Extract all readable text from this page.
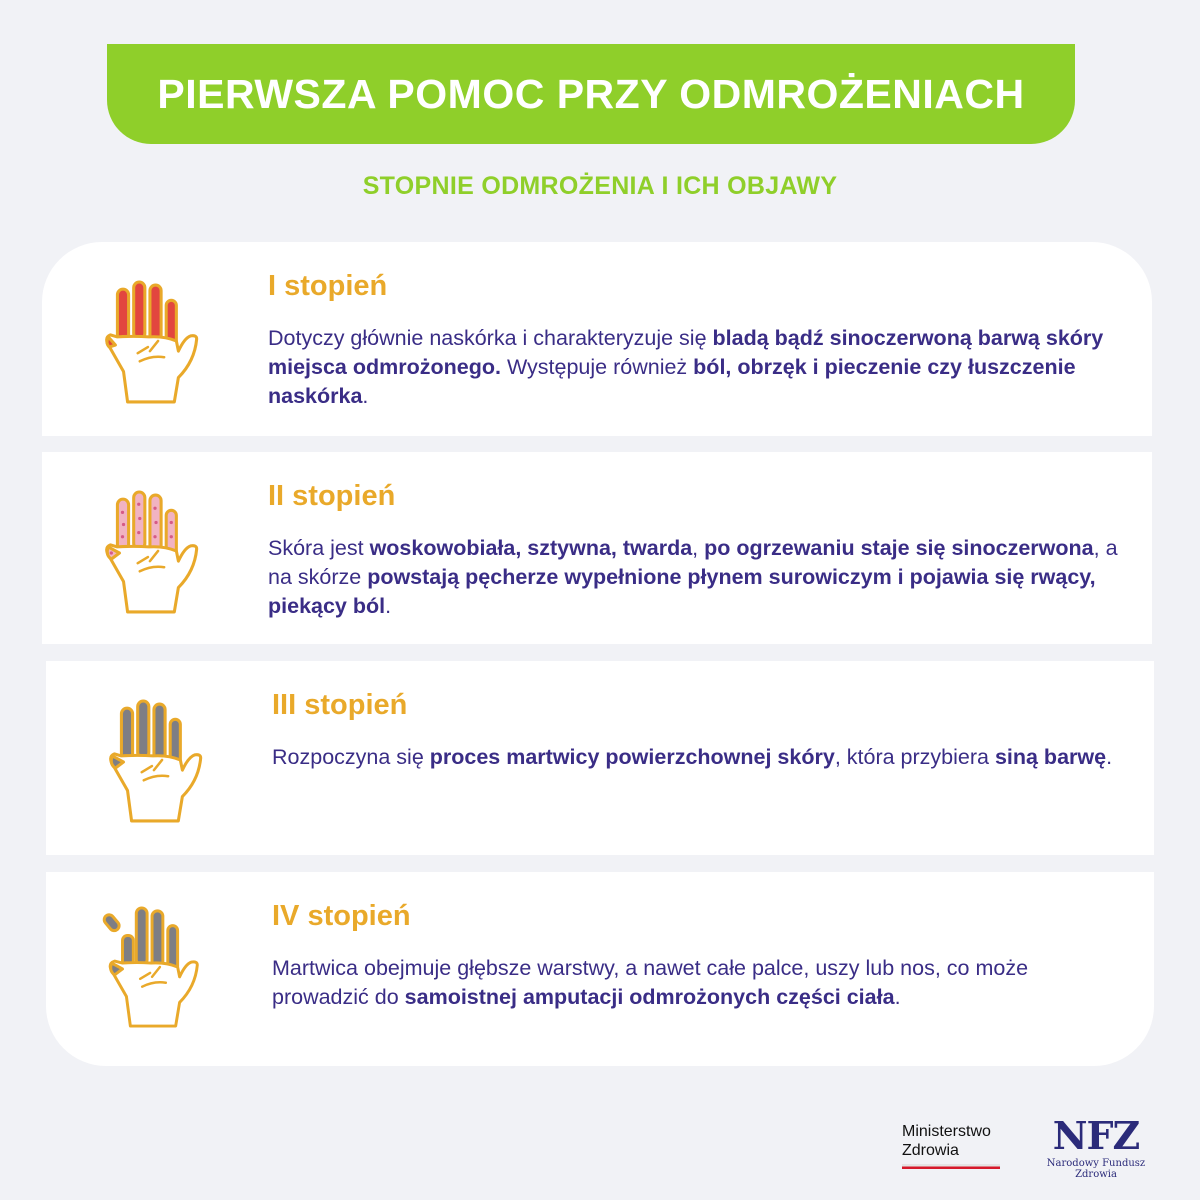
PIERWSZA POMOC PRZY ODMROŻENIACH
STOPNIE ODMROŻENIA I ICH OBJAWY
I stopień
Dotyczy głównie naskórka i charakteryzuje się bladą bądź sinoczerwoną barwą skóry miejsca odmrożonego. Występuje również ból, obrzęk i pieczenie czy łuszczenie naskórka.
II stopień
Skóra jest woskowobiała, sztywna, twarda, po ogrzewaniu staje się sinoczerwona, a na skórze powstają pęcherze wypełnione płynem surowiczym i pojawia się rwący, piekący ból.
III stopień
Rozpoczyna się proces martwicy powierzchownej skóry, która przybiera siną barwę.
IV stopień
Martwica obejmuje głębsze warstwy, a nawet całe palce, uszy lub nos, co może prowadzić do samoistnej amputacji odmrożonych części ciała.
Ministerstwo
Zdrowia	NFZ
Narodowy Fundusz Zdrowia
